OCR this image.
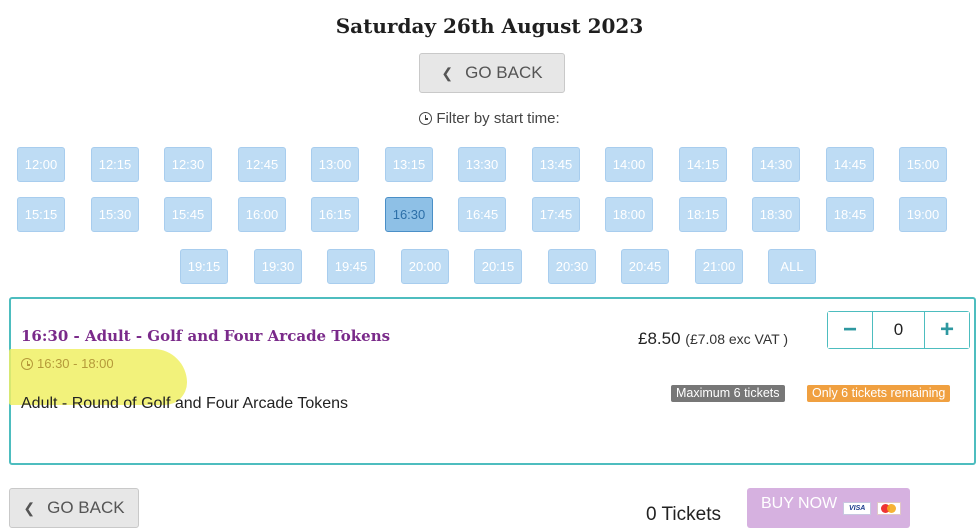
Saturday 26th August 2023
❮ GO BACK
Filter by start time:
12:00	12:15	12:30	12:45	13:00	13:15	13:30	13:45	14:00	14:15	14:30	14:45	15:00
15:15	15:30	15:45	16:00	16:15	16:30	16:45	17:45	18:00	18:15	18:30	18:45	19:00
19:15	19:30	19:45	20:00	20:15	20:30	20:45	21:00	ALL
16:30 - Adult - Golf and Four Arcade Tokens
16:30 - 18:00
Adult - Round of Golf and Four Arcade Tokens
£8.50 (£7.08 exc VAT )	−	0	+
Maximum 6 tickets	Only 6 tickets remaining
❮ GO BACK	0 Tickets
BUY NOW	VISA
